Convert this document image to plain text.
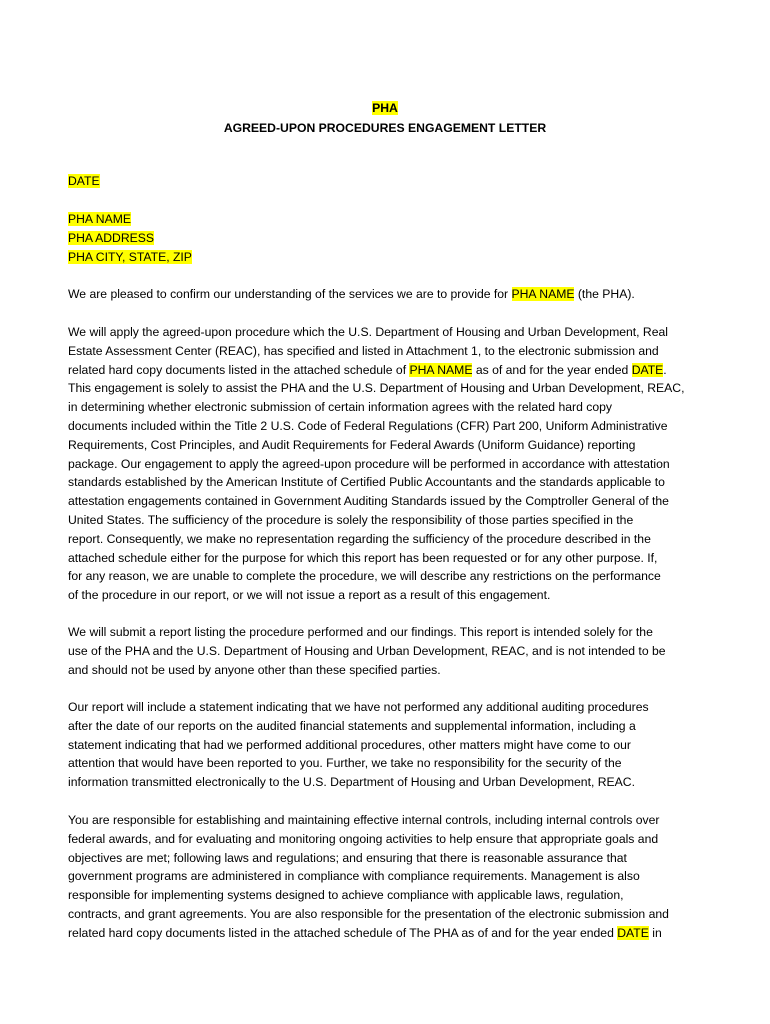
PHA

AGREED-UPON PROCEDURES ENGAGEMENT LETTER

DATE

PHA NAME

PHA ADDRESS

PHA CITY, STATE, ZIP

We are pleased to confirm our understanding of the services we are to provide for PHA NAME (the PHA).

We will apply the agreed-upon procedure which the U.S. Department of Housing and Urban Development, Real

Estate Assessment Center (REAC), has specified and listed in Attachment 1, to the electronic submission and

related hard copy documents listed in the attached schedule of PHA NAME as of and for the year ended DATE.

This engagement is solely to assist the PHA and the U.S. Department of Housing and Urban Development, REAC,

in determining whether electronic submission of certain information agrees with the related hard copy

documents included within the Title 2 U.S. Code of Federal Regulations (CFR) Part 200, Uniform Administrative

Requirements, Cost Principles, and Audit Requirements for Federal Awards (Uniform Guidance) reporting

package. Our engagement to apply the agreed-upon procedure will be performed in accordance with attestation

standards established by the American Institute of Certified Public Accountants and the standards applicable to

attestation engagements contained in Government Auditing Standards issued by the Comptroller General of the

United States. The sufficiency of the procedure is solely the responsibility of those parties specified in the

report. Consequently, we make no representation regarding the sufficiency of the procedure described in the

attached schedule either for the purpose for which this report has been requested or for any other purpose. If,

for any reason, we are unable to complete the procedure, we will describe any restrictions on the performance

of the procedure in our report, or we will not issue a report as a result of this engagement.

We will submit a report listing the procedure performed and our findings. This report is intended solely for the

use of the PHA and the U.S. Department of Housing and Urban Development, REAC, and is not intended to be

and should not be used by anyone other than these specified parties.

Our report will include a statement indicating that we have not performed any additional auditing procedures

after the date of our reports on the audited financial statements and supplemental information, including a

statement indicating that had we performed additional procedures, other matters might have come to our

attention that would have been reported to you. Further, we take no responsibility for the security of the

information transmitted electronically to the U.S. Department of Housing and Urban Development, REAC.

You are responsible for establishing and maintaining effective internal controls, including internal controls over

federal awards, and for evaluating and monitoring ongoing activities to help ensure that appropriate goals and

objectives are met; following laws and regulations; and ensuring that there is reasonable assurance that

government programs are administered in compliance with compliance requirements. Management is also

responsible for implementing systems designed to achieve compliance with applicable laws, regulation,

contracts, and grant agreements. You are also responsible for the presentation of the electronic submission and

related hard copy documents listed in the attached schedule of The PHA as of and for the year ended DATE in
